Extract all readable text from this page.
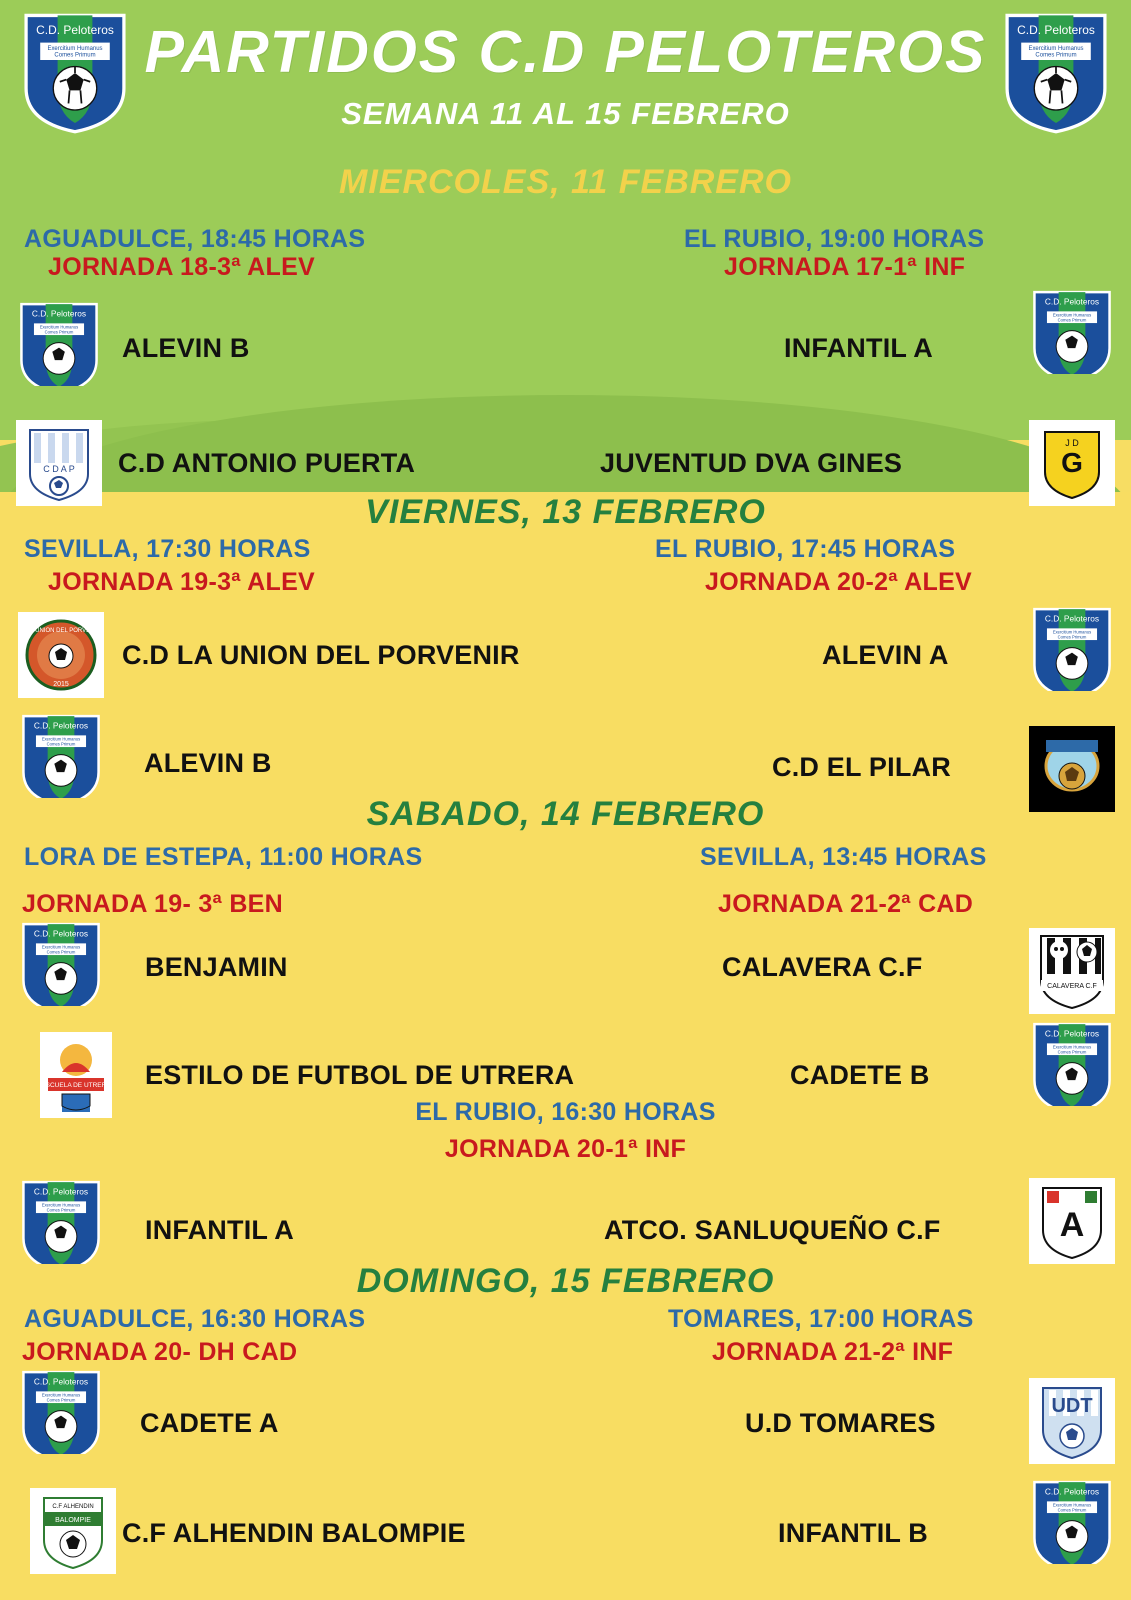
C.D. Peloteros
Exercitium Humanus
Comes Primum
C.D. Peloteros
Exercitium Humanus
Comes Primum
PARTIDOS C.D PELOTEROS
SEMANA 11 AL 15 FEBRERO
MIERCOLES, 11 FEBRERO
AGUADULCE, 18:45 HORAS
JORNADA 18-3ª ALEV
C.D. Peloteros
Exercitium Humanus
Comes Primum
ALEVIN B
C D A P C.D ANTONIO PUERTA
EL RUBIO, 19:00 HORAS
JORNADA 17-1ª INF
C.D. Peloteros
Exercitium Humanus
Comes Primum
INFANTIL A
G
J D
JUVENTUD DVA GINES
VIERNES, 13 FEBRERO
SEVILLA, 17:30 HORAS
JORNADA 19-3ª ALEV
C.D. UNION DEL PORVENIR
2015
C.D LA UNION DEL PORVENIR
C.D. Peloteros
Exercitium Humanus
Comes Primum
ALEVIN B
EL RUBIO, 17:45 HORAS
JORNADA 20-2ª ALEV
C.D. Peloteros
Exercitium Humanus
Comes Primum
ALEVIN A
C.D EL PILAR
SABADO, 14 FEBRERO
LORA DE ESTEPA, 11:00 HORAS
JORNADA 19- 3ª BEN
C.D. Peloteros
Exercitium Humanus
Comes Primum
BENJAMIN
ESCUELA DE UTRERA ESTILO DE FUTBOL DE UTRERA
SEVILLA, 13:45 HORAS
JORNADA 21-2ª CAD
CALAVERA C.F
CALAVERA C.F
C.D. Peloteros
Exercitium Humanus
Comes Primum
CADETE B
EL RUBIO, 16:30 HORAS
JORNADA 20-1ª INF
C.D. Peloteros
Exercitium Humanus
Comes Primum
INFANTIL A	A
ATCO. SANLUQUEÑO C.F
DOMINGO, 15 FEBRERO
AGUADULCE, 16:30 HORAS
JORNADA 20- DH CAD
C.D. Peloteros
Exercitium Humanus
Comes Primum
CADETE A
C.F ALHENDIN
BALOMPIE C.F ALHENDIN BALOMPIE
TOMARES, 17:00 HORAS
JORNADA 21-2ª INF
UDT
U.D TOMARES
C.D. Peloteros
Exercitium Humanus
Comes Primum
INFANTIL B
